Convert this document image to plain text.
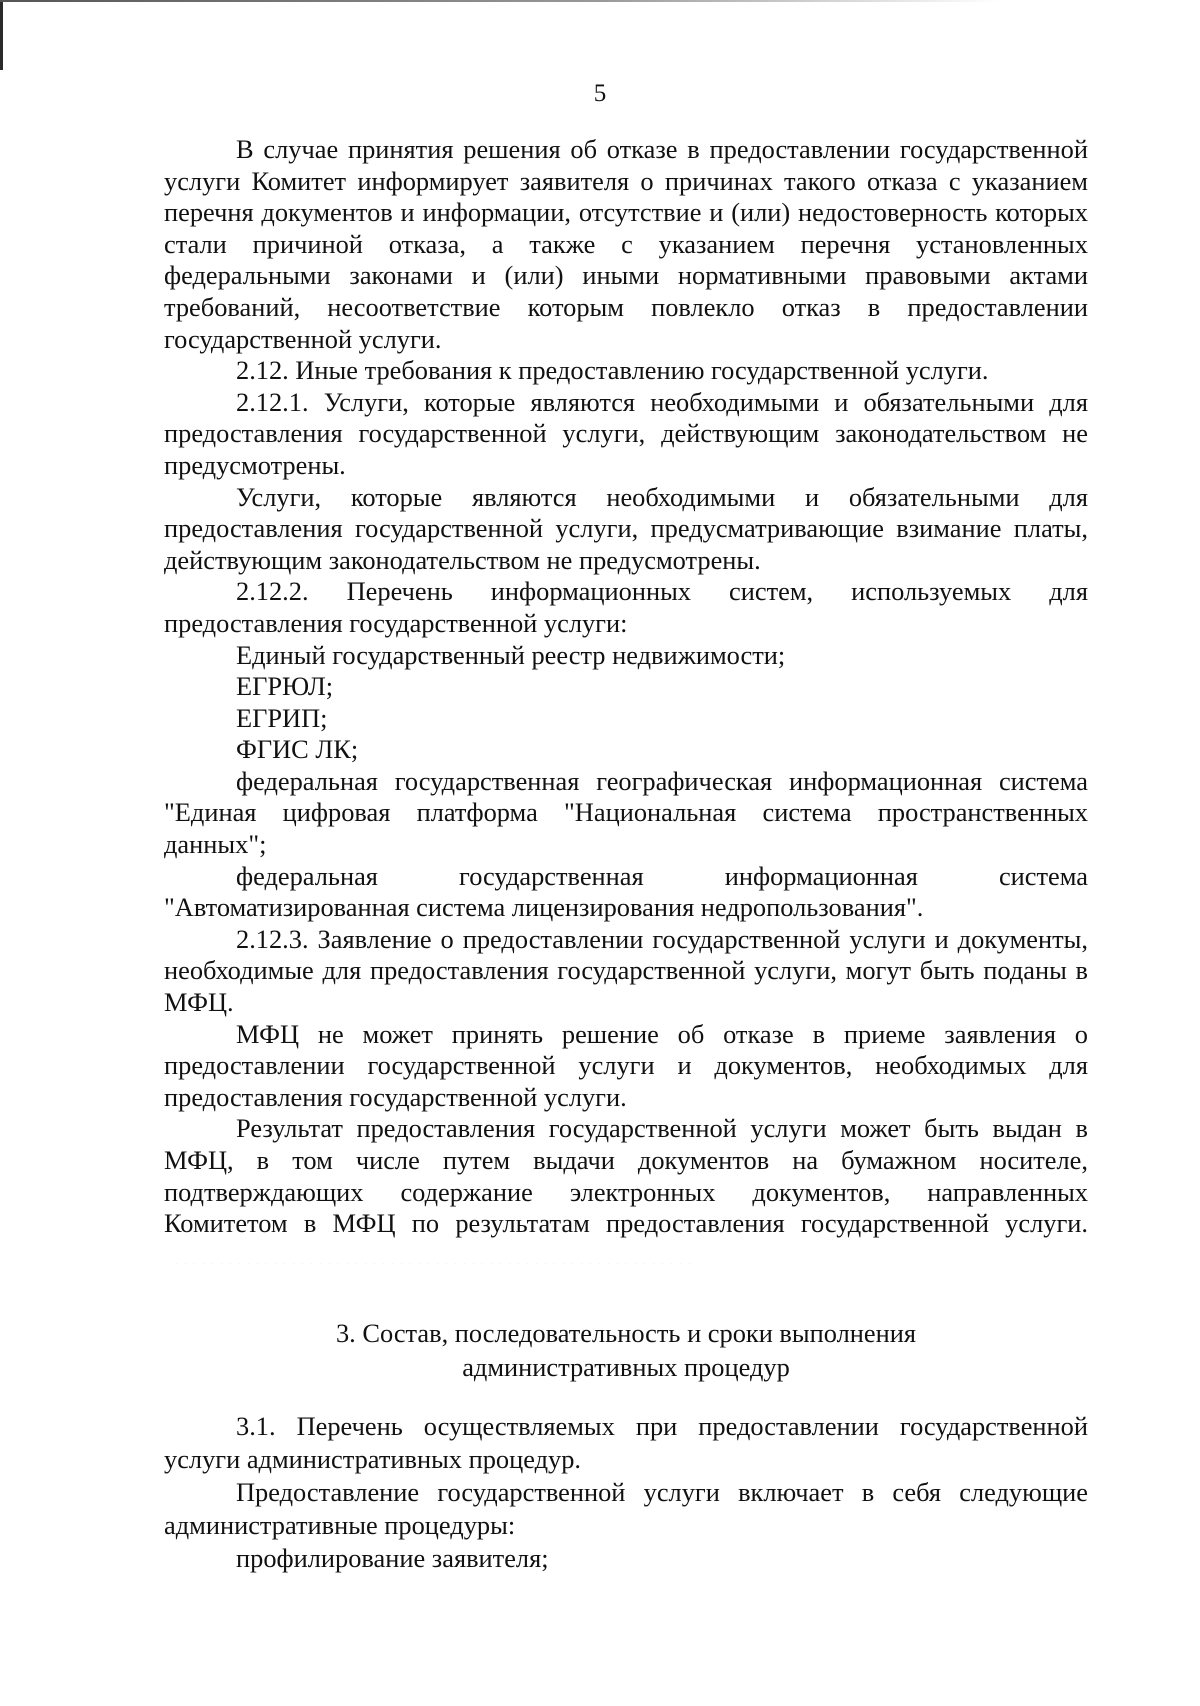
5

В случае принятия решения об отказе в предоставлении государственной услуги Комитет информирует заявителя о причинах такого отказа с указанием перечня документов и информации, отсутствие и (или) недостоверность которых стали причиной отказа, а также с указанием перечня установленных федеральными законами и (или) иными нормативными правовыми актами требований, несоответствие которым повлекло отказ в предоставлении государственной услуги.

2.12. Иные требования к предоставлению государственной услуги.

2.12.1. Услуги, которые являются необходимыми и обязательными для предоставления государственной услуги, действующим законодательством не предусмотрены.

Услуги, которые являются необходимыми и обязательными для предоставления государственной услуги, предусматривающие взимание платы, действующим законодательством не предусмотрены.

2.12.2. Перечень информационных систем, используемых для предоставления государственной услуги:

Единый государственный реестр недвижимости;

ЕГРЮЛ;

ЕГРИП;

ФГИС ЛК;

федеральная государственная географическая информационная система "Единая цифровая платформа "Национальная система пространственных данных";

федеральная государственная информационная система "Автоматизированная система лицензирования недропользования".

2.12.3. Заявление о предоставлении государственной услуги и документы, необходимые для предоставления государственной услуги, могут быть поданы в МФЦ.

МФЦ не может принять решение об отказе в приеме заявления о предоставлении государственной услуги и документов, необходимых для предоставления государственной услуги.

Результат предоставления государственной услуги может быть выдан в МФЦ, в том числе путем выдачи документов на бумажном носителе, подтверждающих содержание электронных документов, направленных Комитетом в МФЦ по результатам предоставления государственной услуги.

3. Состав, последовательность и сроки выполнения
административных процедур

3.1. Перечень осуществляемых при предоставлении государственной услуги административных процедур.

Предоставление государственной услуги включает в себя следующие административные процедуры:

профилирование заявителя;
